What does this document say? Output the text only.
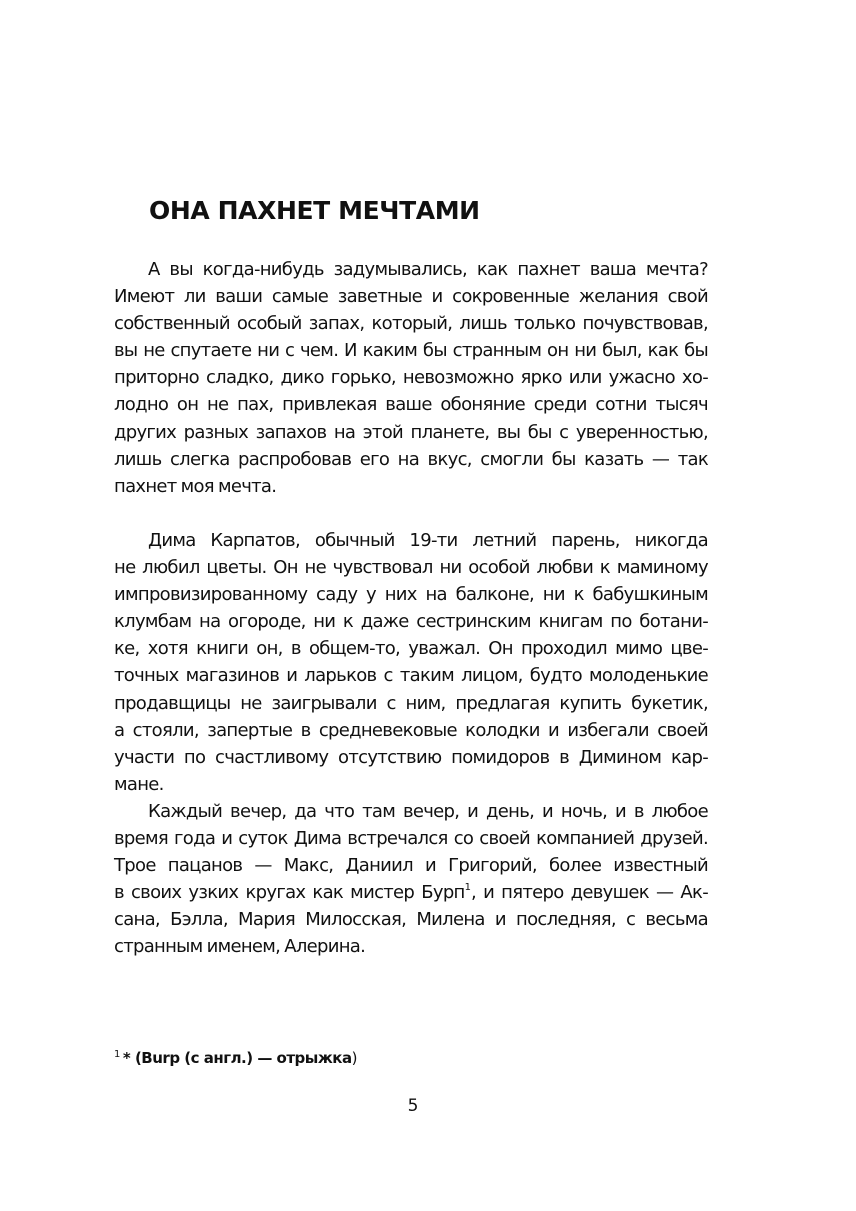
ОНА ПАХНЕТ МЕЧТАМИ
А вы когда-нибудь задумывались, как пахнет ваша мечта?
Имеют ли ваши самые заветные и сокровенные желания свой
собственный особый запах, который, лишь только почувствовав,
вы не спутаете ни с чем. И каким бы странным он ни был, как бы
приторно сладко, дико горько, невозможно ярко или ужасно хо-
лодно он не пах, привлекая ваше обоняние среди сотни тысяч
других разных запахов на этой планете, вы бы с уверенностью,
лишь слегка распробовав его на вкус, смогли бы казать — так
пахнет моя мечта.
Дима Карпатов, обычный 19-ти летний парень, никогда
не любил цветы. Он не чувствовал ни особой любви к маминому
импровизированному саду у них на балконе, ни к бабушкиным
клумбам на огороде, ни к даже сестринским книгам по ботани-
ке, хотя книги он, в общем-то, уважал. Он проходил мимо цве-
точных магазинов и ларьков с таким лицом, будто молоденькие
продавщицы не заигрывали с ним, предлагая купить букетик,
а стояли, запертые в средневековые колодки и избегали своей
участи по счастливому отсутствию помидоров в Димином кар-
мане.
Каждый вечер, да что там вечер, и день, и ночь, и в любое
время года и суток Дима встречался со своей компанией друзей.
Трое пацанов — Макс, Даниил и Григорий, более известный
в своих узких кругах как мистер Бурп$^1$, и пятеро девушек — Ак-
сана, Бэлла, Мария Милосская, Милена и последняя, с весьма
странным именем, Алерина.
$^1$ * (Burp (с англ.) — отрыжка)
5
